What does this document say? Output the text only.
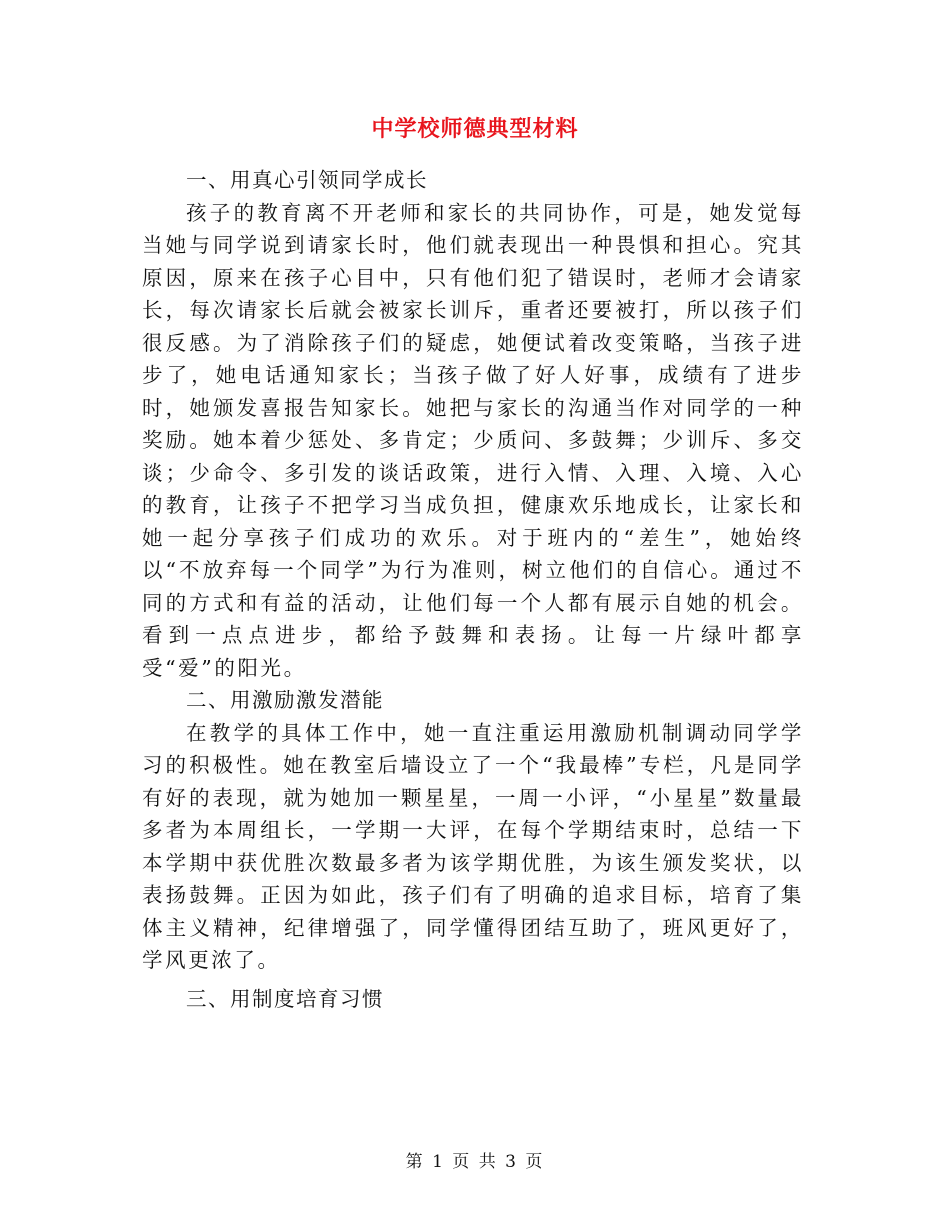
中学校师德典型材料

一、用真心引领同学成长

孩子的教育离不开老师和家长的共同协作，可是，她发觉每当她与同学说到请家长时，他们就表现出一种畏惧和担心。究其原因，原来在孩子心目中，只有他们犯了错误时，老师才会请家长，每次请家长后就会被家长训斥，重者还要被打，所以孩子们很反感。为了消除孩子们的疑虑，她便试着改变策略，当孩子进步了，她电话通知家长；当孩子做了好人好事，成绩有了进步时，她颁发喜报告知家长。她把与家长的沟通当作对同学的一种奖励。她本着少惩处、多肯定；少质问、多鼓舞；少训斥、多交谈；少命令、多引发的谈话政策，进行入情、入理、入境、入心的教育，让孩子不把学习当成负担，健康欢乐地成长，让家长和她一起分享孩子们成功的欢乐。对于班内的“差生”，她始终以“不放弃每一个同学”为行为准则，树立他们的自信心。通过不同的方式和有益的活动，让他们每一个人都有展示自她的机会。看到一点点进步，都给予鼓舞和表扬。让每一片绿叶都享受“爱”的阳光。

二、用激励激发潜能

在教学的具体工作中，她一直注重运用激励机制调动同学学习的积极性。她在教室后墙设立了一个“我最棒”专栏，凡是同学有好的表现，就为她加一颗星星，一周一小评，“小星星”数量最多者为本周组长，一学期一大评，在每个学期结束时，总结一下本学期中获优胜次数最多者为该学期优胜，为该生颁发奖状，以表扬鼓舞。正因为如此，孩子们有了明确的追求目标，培育了集体主义精神，纪律增强了，同学懂得团结互助了，班风更好了，学风更浓了。

三、用制度培育习惯

第 1 页 共 3 页
